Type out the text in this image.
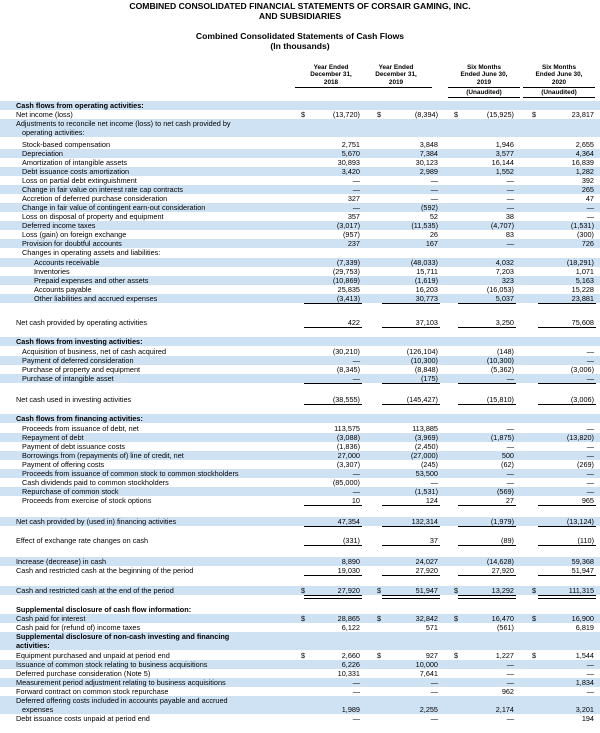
COMBINED CONSOLIDATED FINANCIAL STATEMENTS OF CORSAIR GAMING, INC.
AND SUBSIDIARIES
Combined Consolidated Statements of Cash Flows
(In thousands)
Year Ended
December 31,
2018
Year Ended
December 31,
2019
Six Months
Ended June 30,
2019
(Unaudited)
Six Months
Ended June 30,
2020
(Unaudited)
Cash flows from operating activities:
Net income (loss)	$	(13,720) $	(8,394) $	(15,925) $	23,817
Adjustments to reconcile net income (loss) to net cash provided by
operating activities:
Stock-based compensation	2,751	3,848	1,946	2,655
Depreciation	5,670	7,384	3,577	4,364
Amortization of intangible assets	30,893	30,123	16,144	16,839
Debt issuance costs amortization	3,420	2,989	1,552	1,282
Loss on partial debt extinguishment	—	—	—	392
Change in fair value on interest rate cap contracts	—	—	—	265
Accretion of deferred purchase consideration	327	—	—	47
Change in fair value of contingent earn-out consideration	—	(592)	—	—
Loss on disposal of property and equipment	357	52	38	—
Deferred income taxes	(3,017)	(11,535)	(4,707)	(1,531)
Loss (gain) on foreign exchange	(957)	26	83	(300)
Provision for doubtful accounts	237	167	—	726
Changes in operating assets and liabilities:
Accounts receivable	(7,339)	(48,033)	4,032	(18,291)
Inventories	(29,753)	15,711	7,203	1,071
Prepaid expenses and other assets	(10,869)	(1,619)	323	5,163
Accounts payable	25,835	16,203	(16,053)	15,228
Other liabilities and accrued expenses	(3,413)	30,773	5,037	23,881
Net cash provided by operating activities	422	37,103	3,250	75,608
Cash flows from investing activities:
Acquisition of business, net of cash acquired	(30,210)	(126,104)	(148)	—
Payment of deferred consideration	—	(10,300)	(10,300)	—
Purchase of property and equipment	(8,345)	(8,848)	(5,362)	(3,006)
Purchase of intangible asset	—	(175)	—	—
Net cash used in investing activities	(38,555)	(145,427)	(15,810)	(3,006)
Cash flows from financing activities:
Proceeds from issuance of debt, net	113,575	113,885	—	—
Repayment of debt	(3,088)	(3,969)	(1,875)	(13,820)
Payment of debt issuance costs	(1,836)	(2,450)	—	—
Borrowings from (repayments of) line of credit, net	27,000	(27,000)	500	—
Payment of offering costs	(3,307)	(245)	(62)	(269)
Proceeds from issuance of common stock to common stockholders	—	53,500	—	—
Cash dividends paid to common stockholders	(85,000)	—	—	—
Repurchase of common stock	—	(1,531)	(569)	—
Proceeds from exercise of stock options	10	124	27	965
Net cash provided by (used in) financing activities	47,354	132,314	(1,979)	(13,124)
Effect of exchange rate changes on cash	(331)	37	(89)	(110)
Increase (decrease) in cash	8,890	24,027	(14,628)	59,368
Cash and restricted cash at the beginning of the period	19,030	27,920	27,920	51,947
Cash and restricted cash at the end of the period	$	27,920 $	51,947 $	13,292 $	111,315
Supplemental disclosure of cash flow information:
Cash paid for interest	$	28,865 $	32,842 $	16,470 $	16,900
Cash paid for (refund of) income taxes	6,122	571	(561)	6,819
Supplemental disclosure of non-cash investing and financing
activities:
Equipment purchased and unpaid at period end	$	2,660 $	927 $	1,227 $	1,544
Issuance of common stock relating to business acquisitions	6,226	10,000	—	—
Deferred purchase consideration (Note 5)	10,331	7,641	—	—
Measurement period adjustment relating to business acquisitions	—	—	—	1,834
Forward contract on common stock repurchase	—	—	962	—
Deferred offering costs included in accounts payable and accrued
expenses	1,989	2,255	2,174	3,201
Debt issuance costs unpaid at period end	—	—	—	194
